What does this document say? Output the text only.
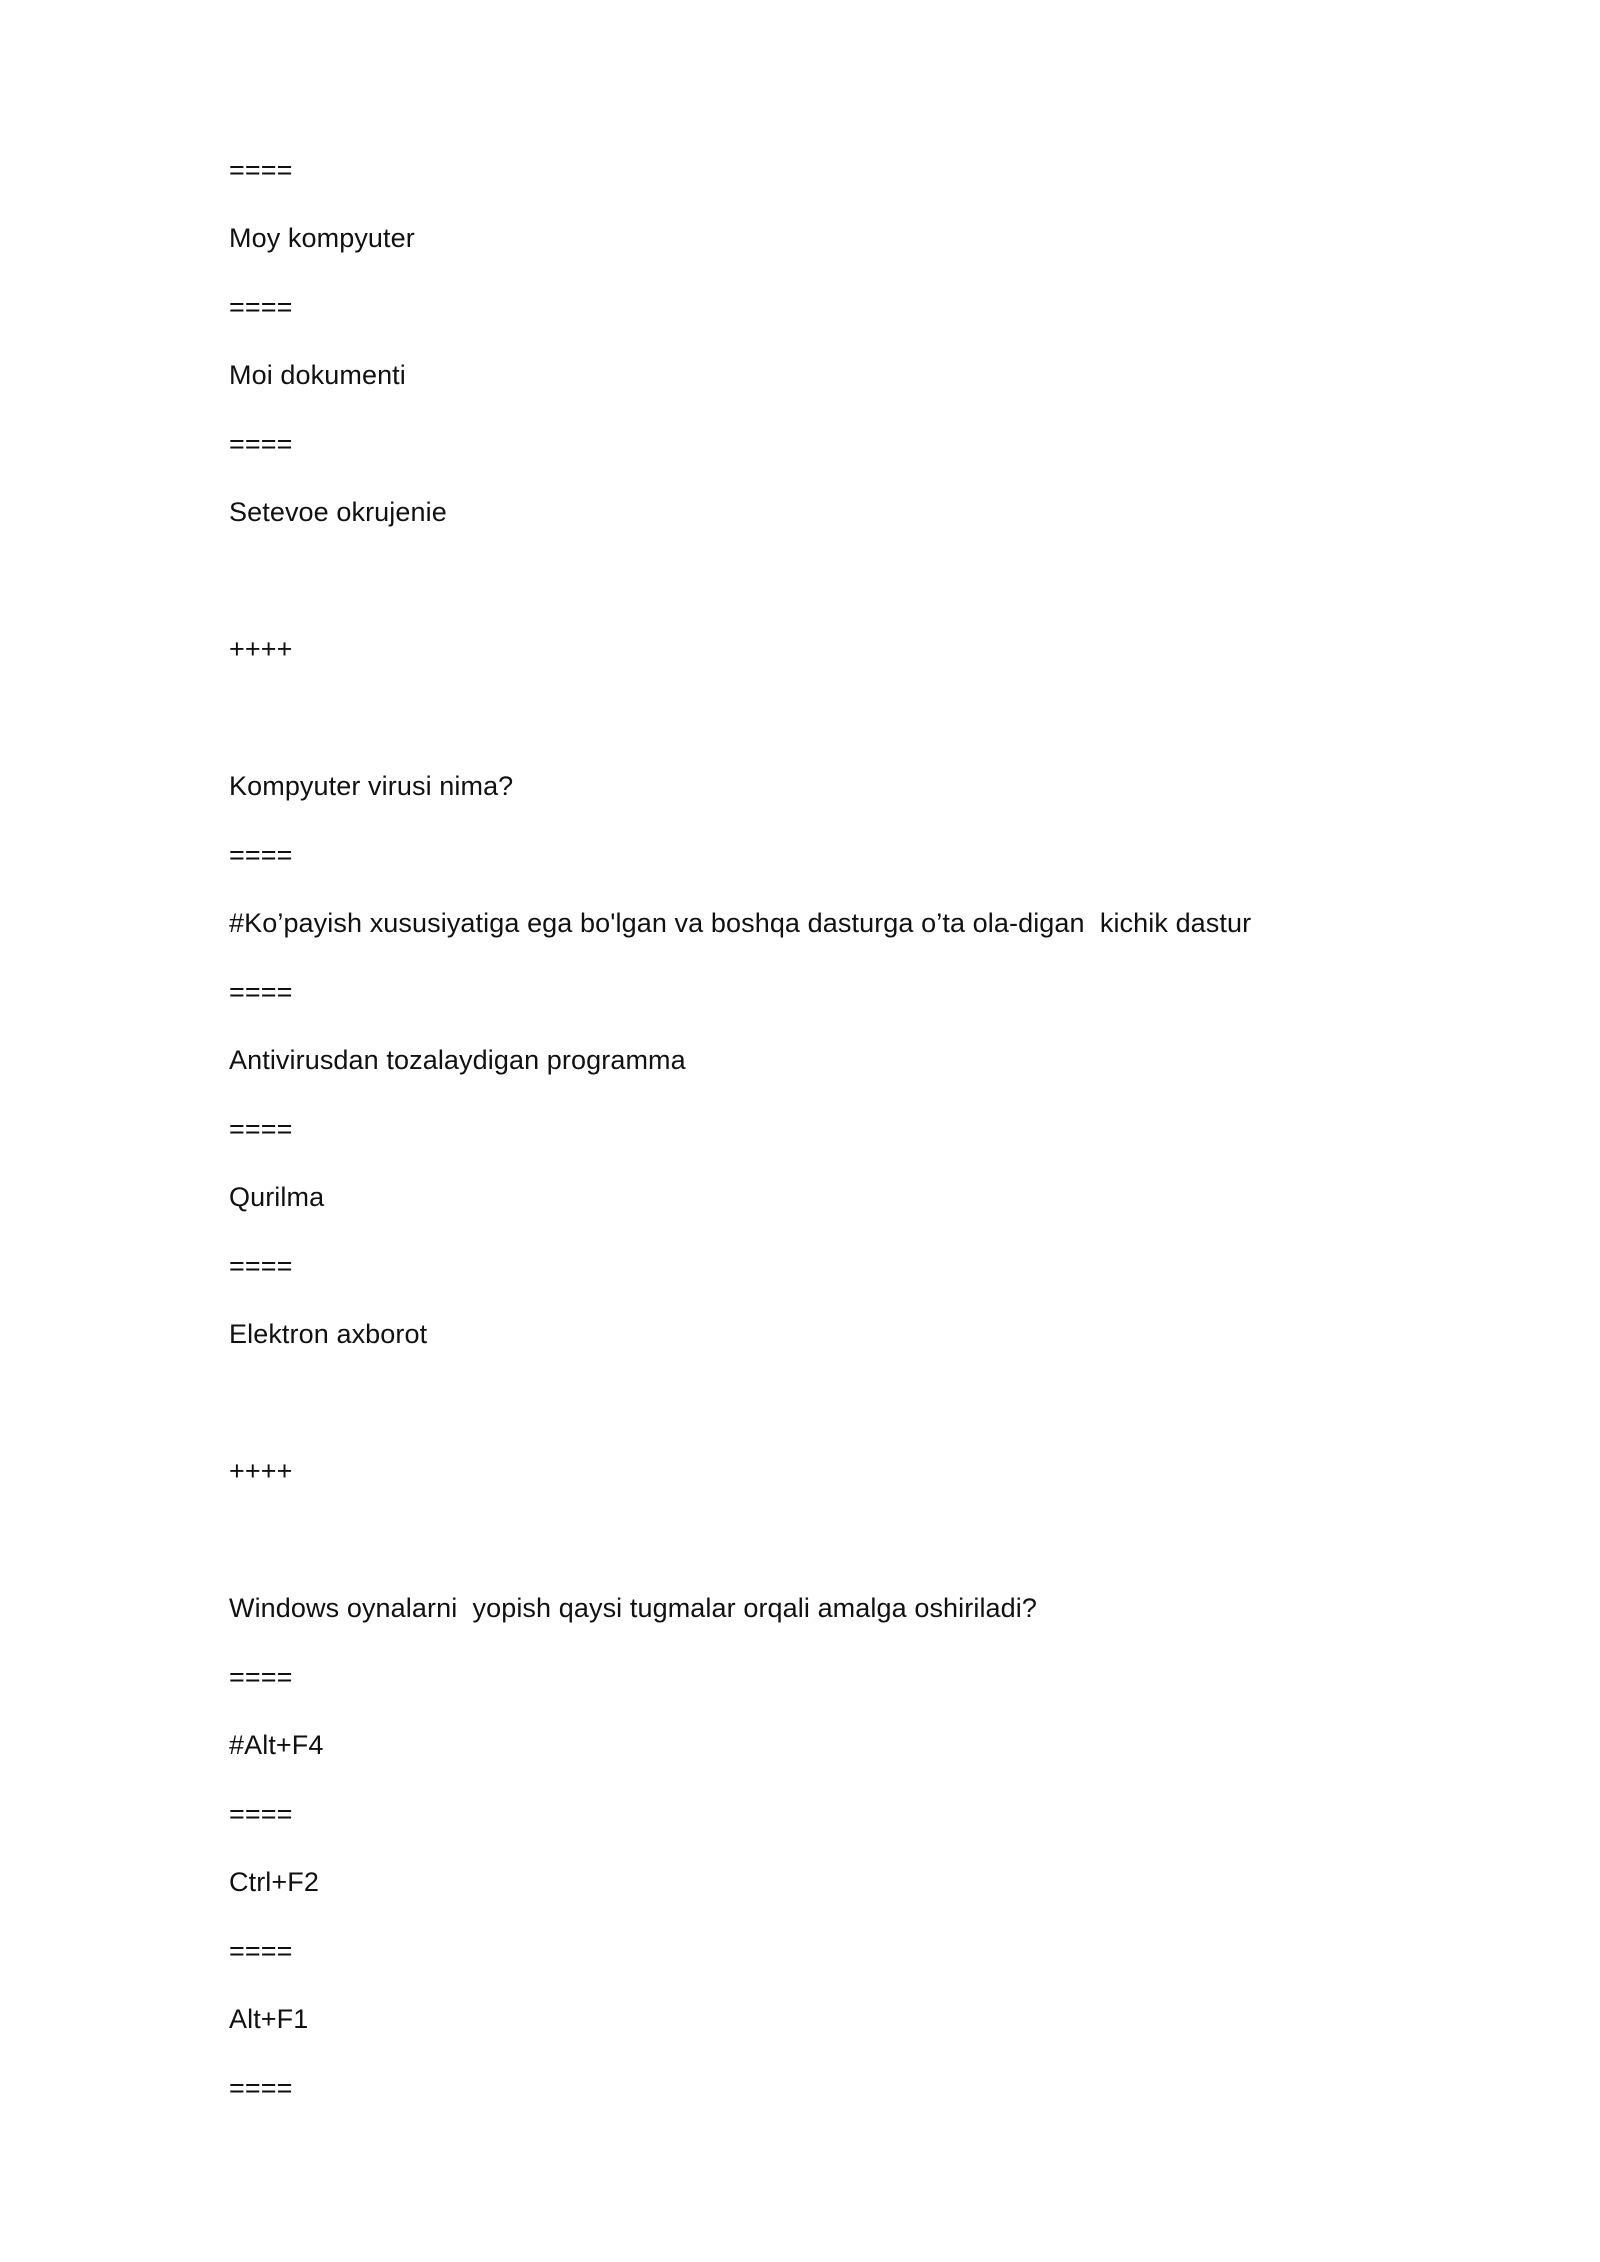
====
Moy kompyuter
====
Moi dokumenti
====
Setevoe okrujenie
++++
Kompyuter virusi nima?
====
#Ko’payish xususiyatiga ega bo'lgan va boshqa dasturga o’ta ola-digan  kichik dastur
====
Antivirusdan tozalaydigan programma
====
Qurilma
====
Elektron axborot
++++
Windows oynalarni  yopish qaysi tugmalar orqali amalga oshiriladi?
====
#Alt+F4
====
Ctrl+F2
====
Alt+F1
====
